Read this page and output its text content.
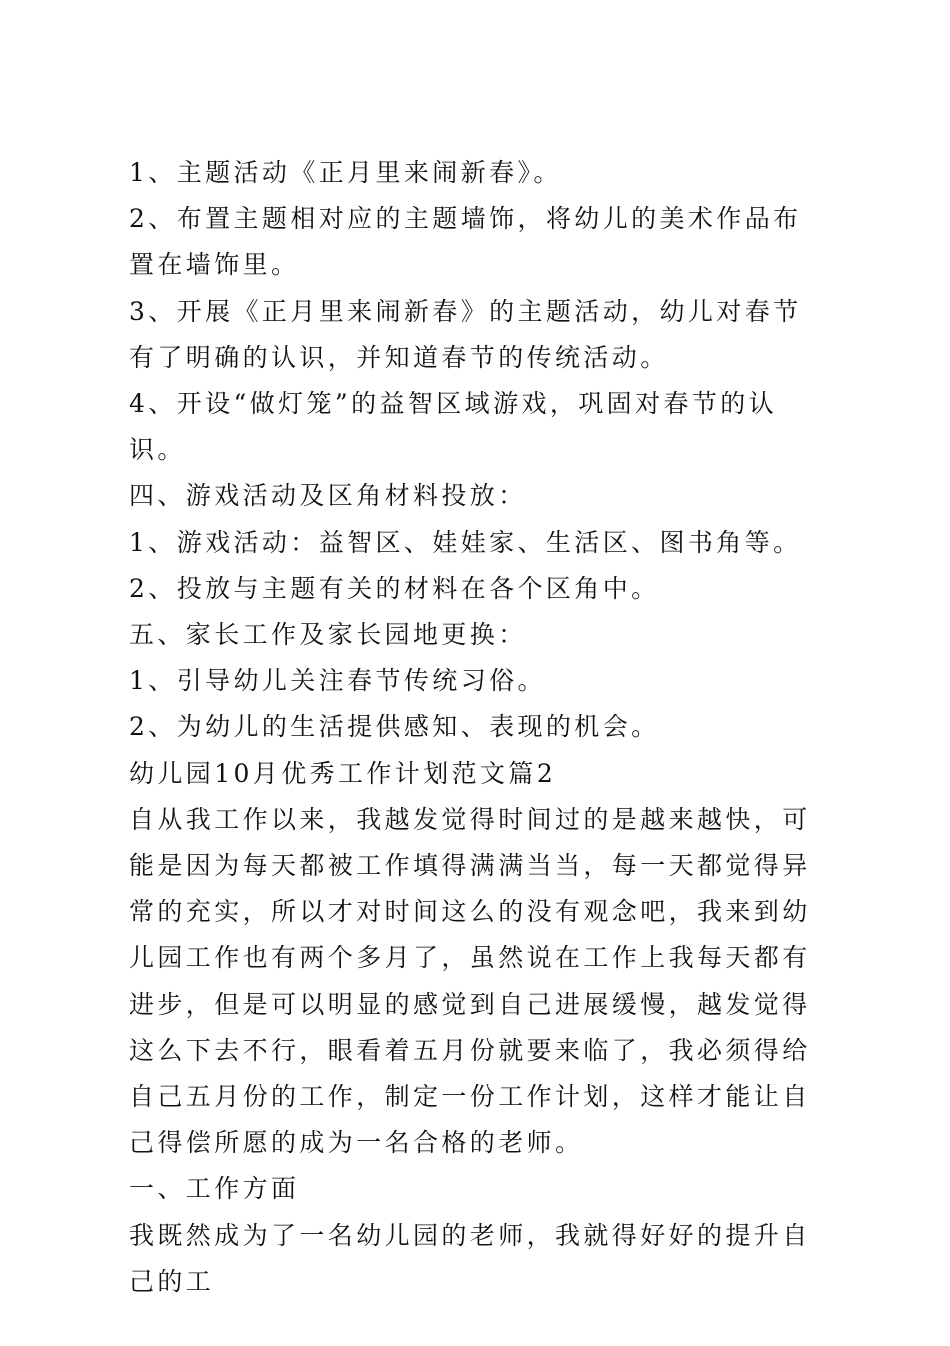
1、主题活动《正月里来闹新春》。

2、布置主题相对应的主题墙饰，将幼儿的美术作品布置在墙饰里。

3、开展《正月里来闹新春》的主题活动，幼儿对春节有了明确的认识，并知道春节的传统活动。

4、开设“做灯笼”的益智区域游戏，巩固对春节的认识。

四、游戏活动及区角材料投放：

1、游戏活动：益智区、娃娃家、生活区、图书角等。

2、投放与主题有关的材料在各个区角中。

五、家长工作及家长园地更换：

1、引导幼儿关注春节传统习俗。

2、为幼儿的生活提供感知、表现的机会。

幼儿园10月优秀工作计划范文篇2

自从我工作以来，我越发觉得时间过的是越来越快，可能是因为每天都被工作填得满满当当，每一天都觉得异常的充实，所以才对时间这么的没有观念吧，我来到幼儿园工作也有两个多月了，虽然说在工作上我每天都有进步，但是可以明显的感觉到自己进展缓慢，越发觉得这么下去不行，眼看着五月份就要来临了，我必须得给自己五月份的工作，制定一份工作计划，这样才能让自己得偿所愿的成为一名合格的老师。

一、工作方面

我既然成为了一名幼儿园的老师，我就得好好的提升自己的工
